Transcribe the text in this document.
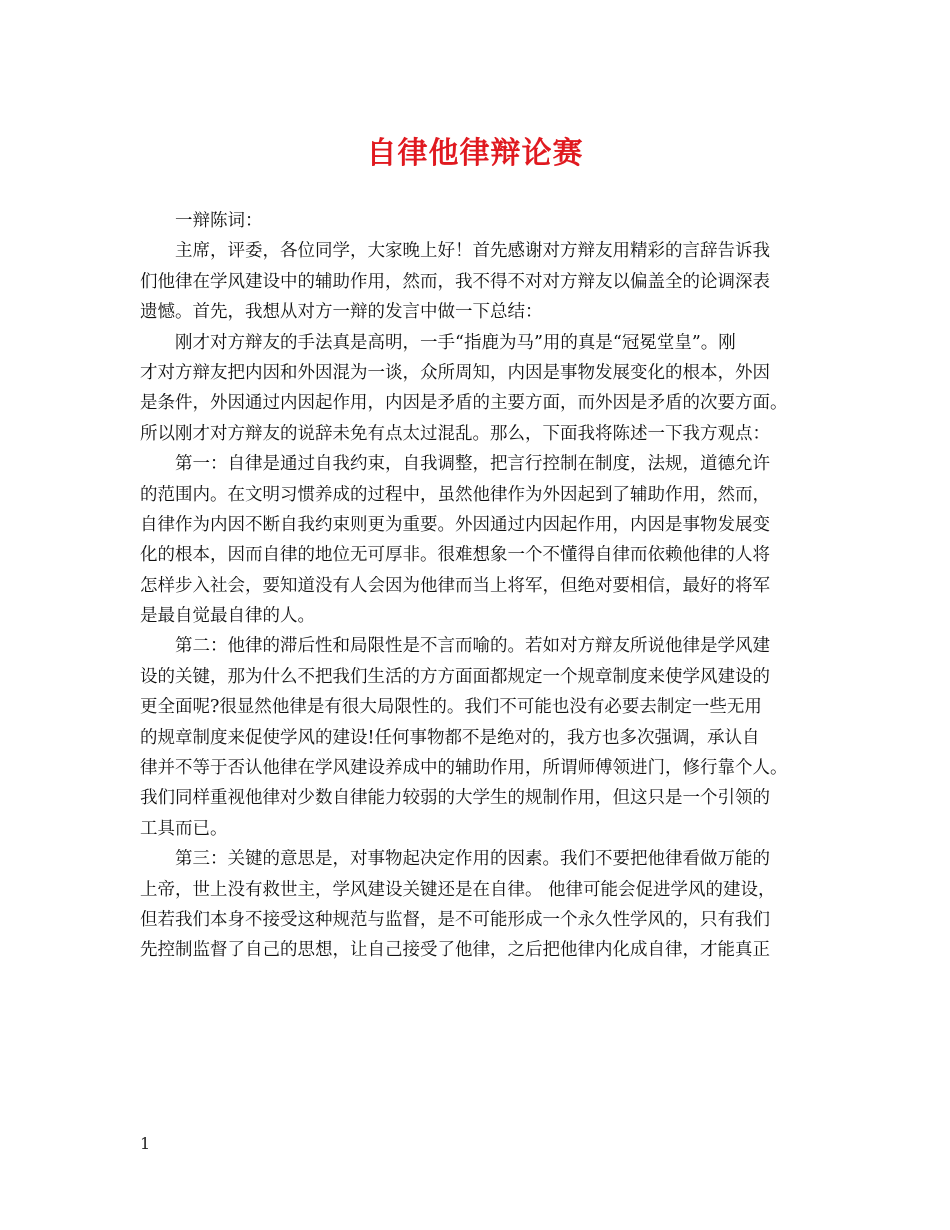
自律他律辩论赛
一辩陈词：
主席，评委，各位同学，大家晚上好！首先感谢对方辩友用精彩的言辞告诉我
们他律在学风建设中的辅助作用，然而，我不得不对对方辩友以偏盖全的论调深表
遗憾。首先，我想从对方一辩的发言中做一下总结：
刚才对方辩友的手法真是高明，一手“指鹿为马”用的真是“冠冕堂皇”。刚
才对方辩友把内因和外因混为一谈，众所周知，内因是事物发展变化的根本，外因
是条件，外因通过内因起作用，内因是矛盾的主要方面，而外因是矛盾的次要方面。
所以刚才对方辩友的说辞未免有点太过混乱。那么，下面我将陈述一下我方观点：
第一：自律是通过自我约束，自我调整，把言行控制在制度，法规，道德允许
的范围内。在文明习惯养成的过程中，虽然他律作为外因起到了辅助作用，然而，
自律作为内因不断自我约束则更为重要。外因通过内因起作用，内因是事物发展变
化的根本，因而自律的地位无可厚非。很难想象一个不懂得自律而依赖他律的人将
怎样步入社会，要知道没有人会因为他律而当上将军，但绝对要相信，最好的将军
是最自觉最自律的人。
第二：他律的滞后性和局限性是不言而喻的。若如对方辩友所说他律是学风建
设的关键，那为什么不把我们生活的方方面面都规定一个规章制度来使学风建设的
更全面呢?很显然他律是有很大局限性的。我们不可能也没有必要去制定一些无用
的规章制度来促使学风的建设!任何事物都不是绝对的，我方也多次强调，承认自
律并不等于否认他律在学风建设养成中的辅助作用，所谓师傅领进门，修行靠个人。
我们同样重视他律对少数自律能力较弱的大学生的规制作用，但这只是一个引领的
工具而已。
第三：关键的意思是，对事物起决定作用的因素。我们不要把他律看做万能的
上帝，世上没有救世主，学风建设关键还是在自律。 他律可能会促进学风的建设，
但若我们本身不接受这种规范与监督，是不可能形成一个永久性学风的，只有我们
先控制监督了自己的思想，让自己接受了他律，之后把他律内化成自律，才能真正
1
